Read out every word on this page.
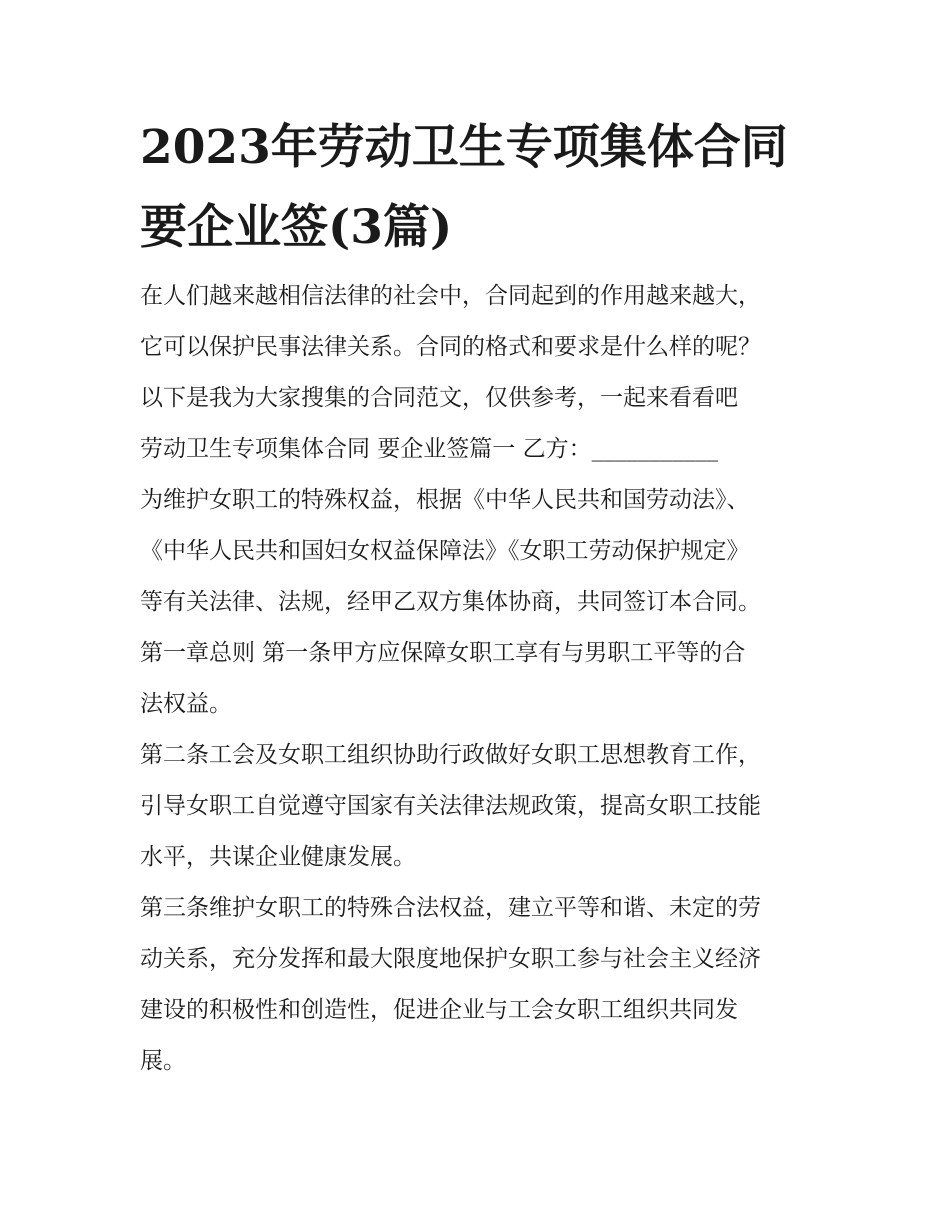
2023年劳动卫生专项集体合同
要企业签(3篇)
在人们越来越相信法律的社会中，合同起到的作用越来越大，
它可以保护民事法律关系。合同的格式和要求是什么样的呢？
以下是我为大家搜集的合同范文，仅供参考，一起来看看吧
劳动卫生专项集体合同 要企业签篇一 乙方：___________
为维护女职工的特殊权益，根据《中华人民共和国劳动法》、
《中华人民共和国妇女权益保障法》《女职工劳动保护规定》
等有关法律、法规，经甲乙双方集体协商，共同签订本合同。
第一章总则 第一条甲方应保障女职工享有与男职工平等的合
法权益。
第二条工会及女职工组织协助行政做好女职工思想教育工作，
引导女职工自觉遵守国家有关法律法规政策，提高女职工技能
水平，共谋企业健康发展。
第三条维护女职工的特殊合法权益，建立平等和谐、未定的劳
动关系，充分发挥和最大限度地保护女职工参与社会主义经济
建设的积极性和创造性，促进企业与工会女职工组织共同发
展。
